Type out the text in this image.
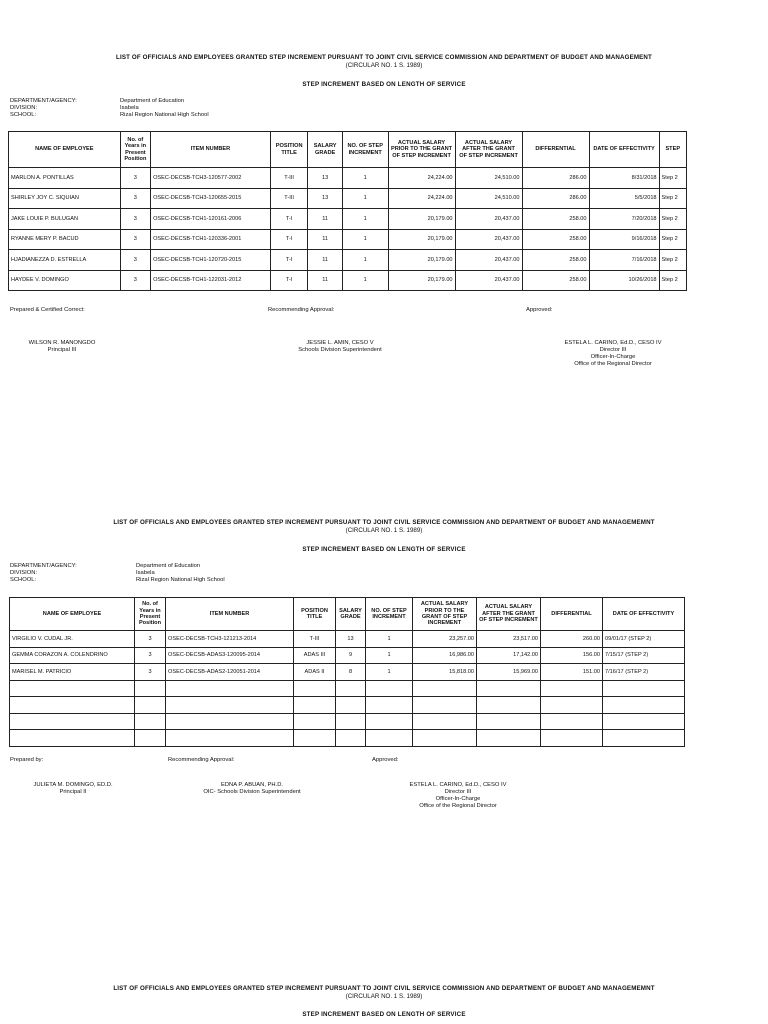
LIST OF OFFICIALS AND EMPLOYEES GRANTED STEP INCREMENT PURSUANT TO JOINT CIVIL SERVICE COMMISSION AND DEPARTMENT OF BUDGET AND MANAGEMENT
(CIRCULAR NO. 1 S. 1989)
STEP INCREMENT BASED ON LENGTH OF SERVICE
DEPARTMENT/AGENCY:	Department of Education
DIVISION:	Isabela
SCHOOL:	Rizal Region National High School
NAME OF EMPLOYEE	No. of Years in Present Position	ITEM NUMBER	POSITION TITLE	SALARY GRADE	NO. OF STEP INCREMENT	ACTUAL SALARY PRIOR TO THE GRANT OF STEP INCREMENT	ACTUAL SALARY AFTER THE GRANT OF STEP INCREMENT	DIFFERENTIAL	DATE OF EFFECTIVITY	STEP
MARLON A. PONTILLAS	3	OSEC-DECSB-TCH3-120577-2002	T-III	13	1	24,224.00	24,510.00	286.00	8/31/2018	Step 2
SHIRLEY JOY C. SIQUIAN	3	OSEC-DECSB-TCH3-120655-2015	T-III	13	1	24,224.00	24,510.00	286.00	5/5/2018	Step 2
JAKE LOUIE P. BULUGAN	3	OSEC-DECSB-TCH1-120161-2006	T-I	11	1	20,179.00	20,437.00	258.00	7/20/2018	Step 2
RYANNE MERY P. BACUD	3	OSEC-DECSB-TCH1-120336-2001	T-I	11	1	20,179.00	20,437.00	258.00	9/16/2018	Step 2
HJADIANEZZA D. ESTRELLA	3	OSEC-DECSB-TCH1-120720-2015	T-I	11	1	20,179.00	20,437.00	258.00	7/16/2018	Step 2
HAYDEE V. DOMINGO	3	OSEC-DECSB-TCH1-122031-2012	T-I	11	1	20,179.00	20,437.00	258.00	10/26/2018	Step 2
Prepared & Certified Correct:	Recommending Approval:	Approved:
WILSON R. MANONGDO
Principal III
JESSIE L. AMIN, CESO V
Schools Division Superintendent
ESTELA L. CARINO, Ed.D., CESO IV
Director III
Officer-In-Charge
Office of the Regional Director
LIST OF OFFICIALS AND EMPLOYEES GRANTED STEP INCREMENT PURSUANT TO JOINT CIVIL SERVICE COMMISSION AND DEPARTMENT OF BUDGET AND MANAGEMEMNT
(CIRCULAR NO. 1 S. 1989)
STEP INCREMENT BASED ON LENGTH OF SERVICE
DEPARTMENT/AGENCY:	Department of Education
DIVISION:	Isabela
SCHOOL:	Rizal Region National High School
NAME OF EMPLOYEE	No. of Years in Present Position	ITEM NUMBER	POSITION TITLE	SALARY GRADE	NO. OF STEP INCREMENT	ACTUAL SALARY PRIOR TO THE GRANT OF STEP INCREMENT	ACTUAL SALARY AFTER THE GRANT OF STEP INCREMENT	DIFFERENTIAL	DATE OF EFFECTIVITY
VIRGILIO V. CUDAL JR.	3	OSEC-DECSB-TCH3-121213-2014	T-III	13	1	23,257.00	23,517.00	260.00	09/01/17 (STEP 2)
GEMMA CORAZON A. COLENDRINO	3	OSEC-DECSB-ADAS3-120095-2014	ADAS III	9	1	16,986.00	17,142.00	156.00	7/15/17 (STEP 2)
MARISEL M. PATRICIO	3	OSEC-DECSB-ADAS2-120051-2014	ADAS II	8	1	15,818.00	15,969.00	151.00	7/16/17 (STEP 2)

Prepared by:	Recommending Approval:	Approved:
JULIETA M. DOMINGO, ED.D.
Principal II
EDNA P. ABUAN, PH.D.
OIC- Schools Division Superintendent
ESTELA L. CARINO, Ed.D., CESO IV
Director III
Officer-In-Charge
Office of the Regional Director
LIST OF OFFICIALS AND EMPLOYEES GRANTED STEP INCREMENT PURSUANT TO JOINT CIVIL SERVICE COMMISSION AND DEPARTMENT OF BUDGET AND MANAGEMEMNT
(CIRCULAR NO. 1 S. 1989)
STEP INCREMENT BASED ON LENGTH OF SERVICE
